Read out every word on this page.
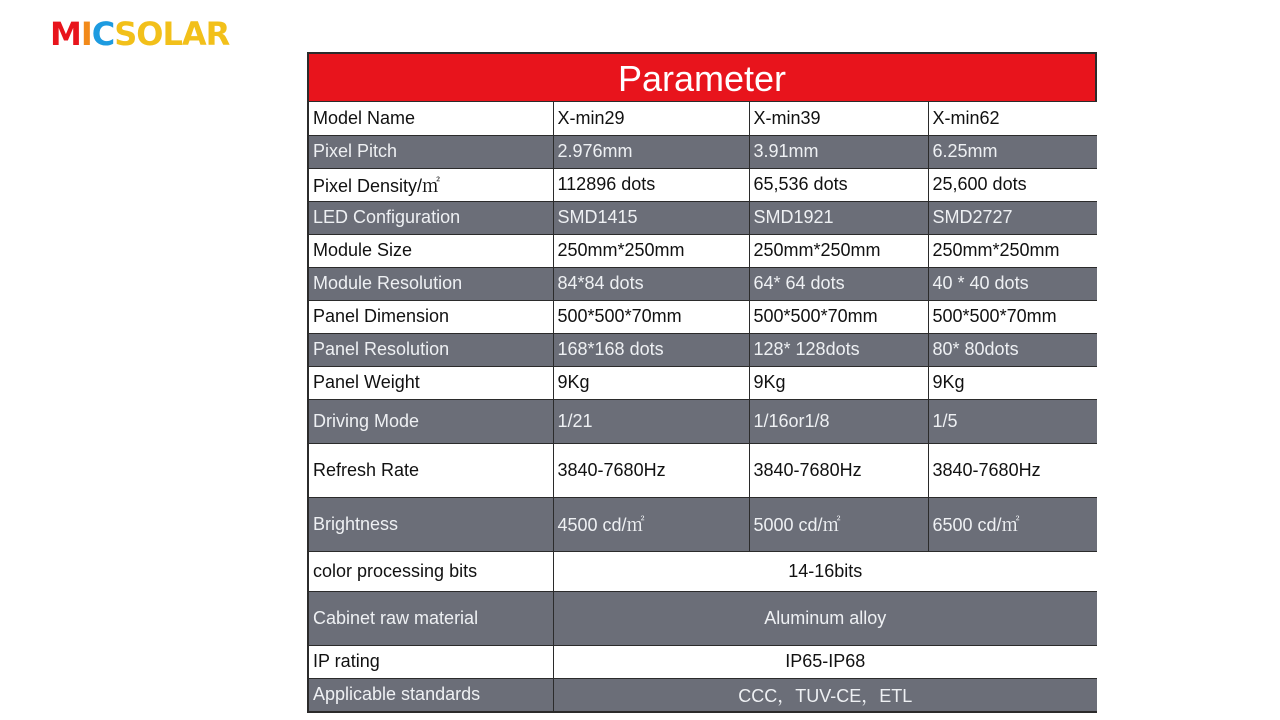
MICSOLAR
Parameter
Model Name	X-min29	X-min39	X-min62
Pixel Pitch	2.976mm	3.91mm	6.25mm
Pixel Density/㎡	112896 dots	65,536 dots	25,600 dots
LED Configuration	SMD1415	SMD1921	SMD2727
Module Size	250mm*250mm	250mm*250mm	250mm*250mm
Module Resolution	84*84 dots	64* 64 dots	40 * 40 dots
Panel Dimension	500*500*70mm	500*500*70mm	500*500*70mm
Panel Resolution	168*168 dots	128* 128dots	80* 80dots
Panel Weight	9Kg	9Kg	9Kg
Driving Mode	1/21	1/16or1/8	1/5
Refresh Rate	3840-7680Hz	3840-7680Hz	3840-7680Hz
Brightness	4500 cd/㎡	5000 cd/㎡	6500 cd/㎡
color processing bits	14-16bits		
Cabinet raw material	Aluminum alloy		
IP rating	IP65-IP68		
Applicable standards	CCC，TUV-CE，ETL		
